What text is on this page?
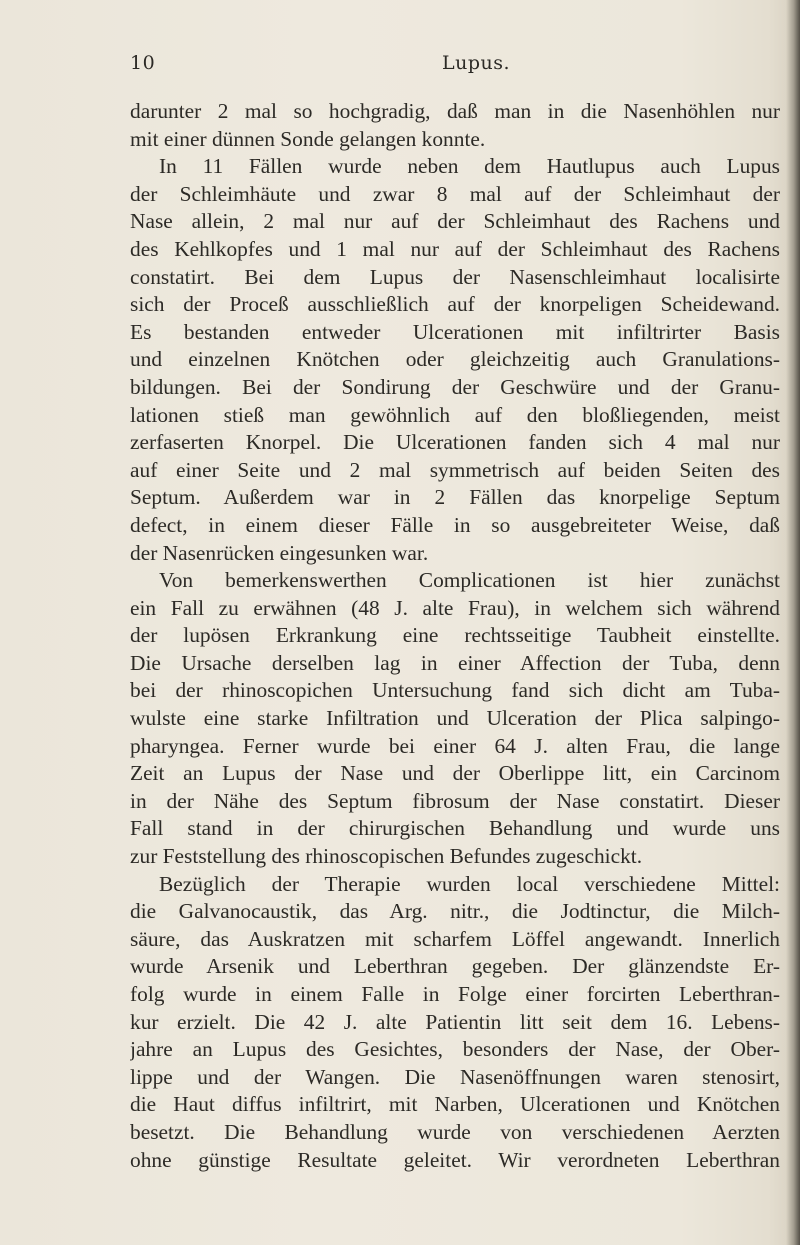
10	Lupus.
darunter 2 mal so hochgradig, daß man in die Nasenhöhlen nur
mit einer dünnen Sonde gelangen konnte.
In 11 Fällen wurde neben dem Hautlupus auch Lupus
der Schleimhäute und zwar 8 mal auf der Schleimhaut der
Nase allein, 2 mal nur auf der Schleimhaut des Rachens und
des Kehlkopfes und 1 mal nur auf der Schleimhaut des Rachens
constatirt. Bei dem Lupus der Nasenschleimhaut localisirte
sich der Proceß ausschließlich auf der knorpeligen Scheidewand.
Es bestanden entweder Ulcerationen mit infiltrirter Basis
und einzelnen Knötchen oder gleichzeitig auch Granulations-
bildungen. Bei der Sondirung der Geschwüre und der Granu-
lationen stieß man gewöhnlich auf den bloßliegenden, meist
zerfaserten Knorpel. Die Ulcerationen fanden sich 4 mal nur
auf einer Seite und 2 mal symmetrisch auf beiden Seiten des
Septum. Außerdem war in 2 Fällen das knorpelige Septum
defect, in einem dieser Fälle in so ausgebreiteter Weise, daß
der Nasenrücken eingesunken war.
Von bemerkenswerthen Complicationen ist hier zunächst
ein Fall zu erwähnen (48 J. alte Frau), in welchem sich während
der lupösen Erkrankung eine rechtsseitige Taubheit einstellte.
Die Ursache derselben lag in einer Affection der Tuba, denn
bei der rhinoscopichen Untersuchung fand sich dicht am Tuba-
wulste eine starke Infiltration und Ulceration der Plica salpingo-
pharyngea. Ferner wurde bei einer 64 J. alten Frau, die lange
Zeit an Lupus der Nase und der Oberlippe litt, ein Carcinom
in der Nähe des Septum fibrosum der Nase constatirt. Dieser
Fall stand in der chirurgischen Behandlung und wurde uns
zur Feststellung des rhinoscopischen Befundes zugeschickt.
Bezüglich der Therapie wurden local verschiedene Mittel:
die Galvanocaustik, das Arg. nitr., die Jodtinctur, die Milch-
säure, das Auskratzen mit scharfem Löffel angewandt. Innerlich
wurde Arsenik und Leberthran gegeben. Der glänzendste Er-
folg wurde in einem Falle in Folge einer forcirten Leberthran-
kur erzielt. Die 42 J. alte Patientin litt seit dem 16. Lebens-
jahre an Lupus des Gesichtes, besonders der Nase, der Ober-
lippe und der Wangen. Die Nasenöffnungen waren stenosirt,
die Haut diffus infiltrirt, mit Narben, Ulcerationen und Knötchen
besetzt. Die Behandlung wurde von verschiedenen Aerzten
ohne günstige Resultate geleitet. Wir verordneten Leberthran
